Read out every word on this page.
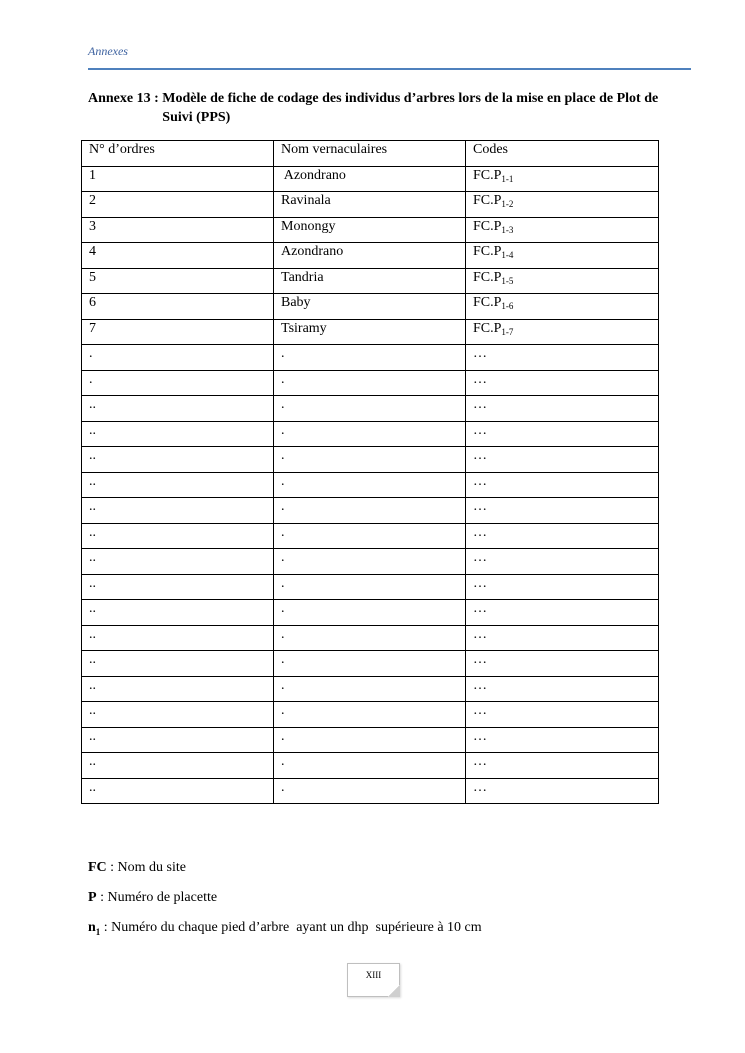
Annexes
Annexe 13 :
Modèle de fiche de codage des individus d’arbres lors de la mise en place de Plot de Suivi (PPS)
N° d’ordres	Nom vernaculaires	Codes
1	Azondrano	$FC.P_{1-1}$
2	Ravinala	$FC.P_{1-2}$
3	Monongy	$FC.P_{1-3}$
4	Azondrano	$FC.P_{1-4}$
5	Tandria	$FC.P_{1-5}$
6	Baby	$FC.P_{1-6}$
7	Tsiramy	$FC.P_{1-7}$
.	.	…
.	.	…
..	.	…
..	.	…
..	.	…
..	.	…
..	.	…
..	.	…
..	.	…
..	.	…
..	.	…
..	.	…
..	.	…
..	.	…
..	.	…
..	.	…
..	.	…
..	.	…
FC : Nom du site
P : Numéro de placette
$n_1$ : Numéro du chaque pied d’arbre  ayant un dhp  supérieure à 10 cm
XIII
